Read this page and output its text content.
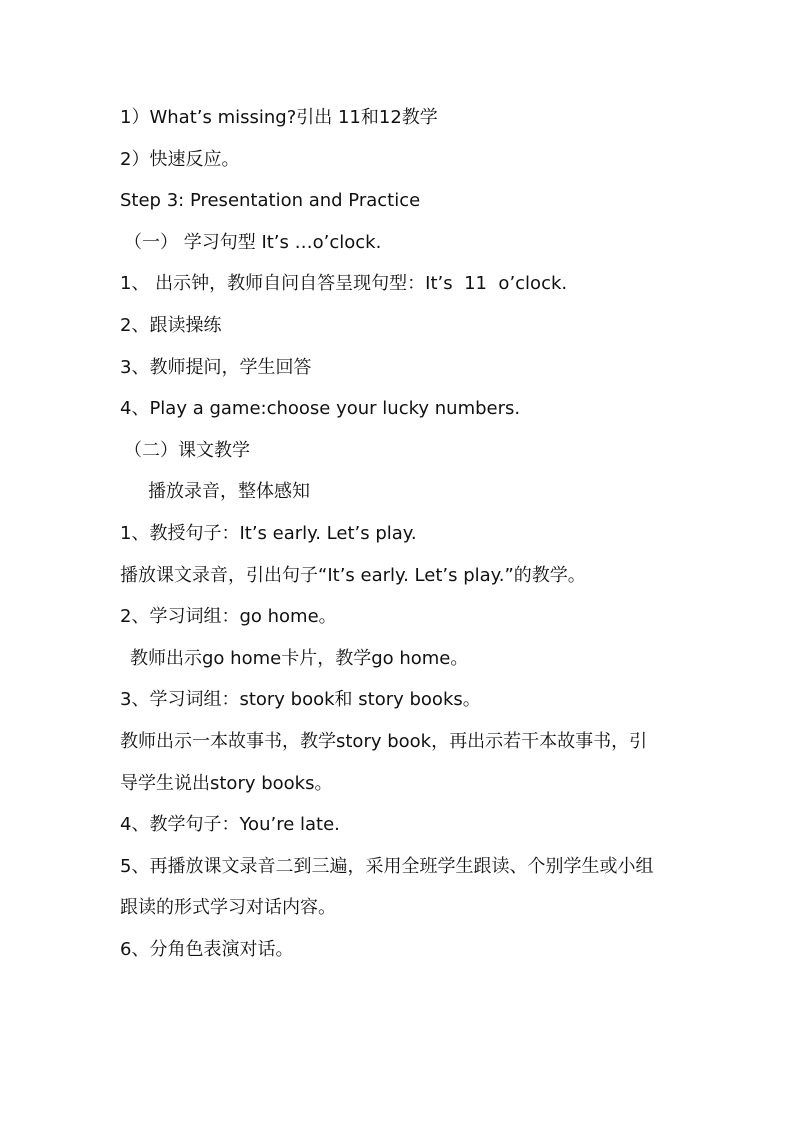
1）What’s missing?引出 11和12教学
2）快速反应。
Step 3: Presentation and Practice
（一） 学习句型 It’s …o’clock.
1、 出示钟，教师自问自答呈现句型：It’s  11  o’clock.
2、跟读操练
3、教师提问，学生回答
4、Play a game:choose your lucky numbers.
（二）课文教学
播放录音，整体感知
1、教授句子：It’s early. Let’s play.
播放课文录音，引出句子“It’s early. Let’s play.”的教学。
2、学习词组：go home。
教师出示go home卡片，教学go home。
3、学习词组：story book和 story books。
教师出示一本故事书，教学story book，再出示若干本故事书，引
导学生说出story books。
4、教学句子：You’re late.
5、再播放课文录音二到三遍，采用全班学生跟读、个别学生或小组
跟读的形式学习对话内容。
6、分角色表演对话。
